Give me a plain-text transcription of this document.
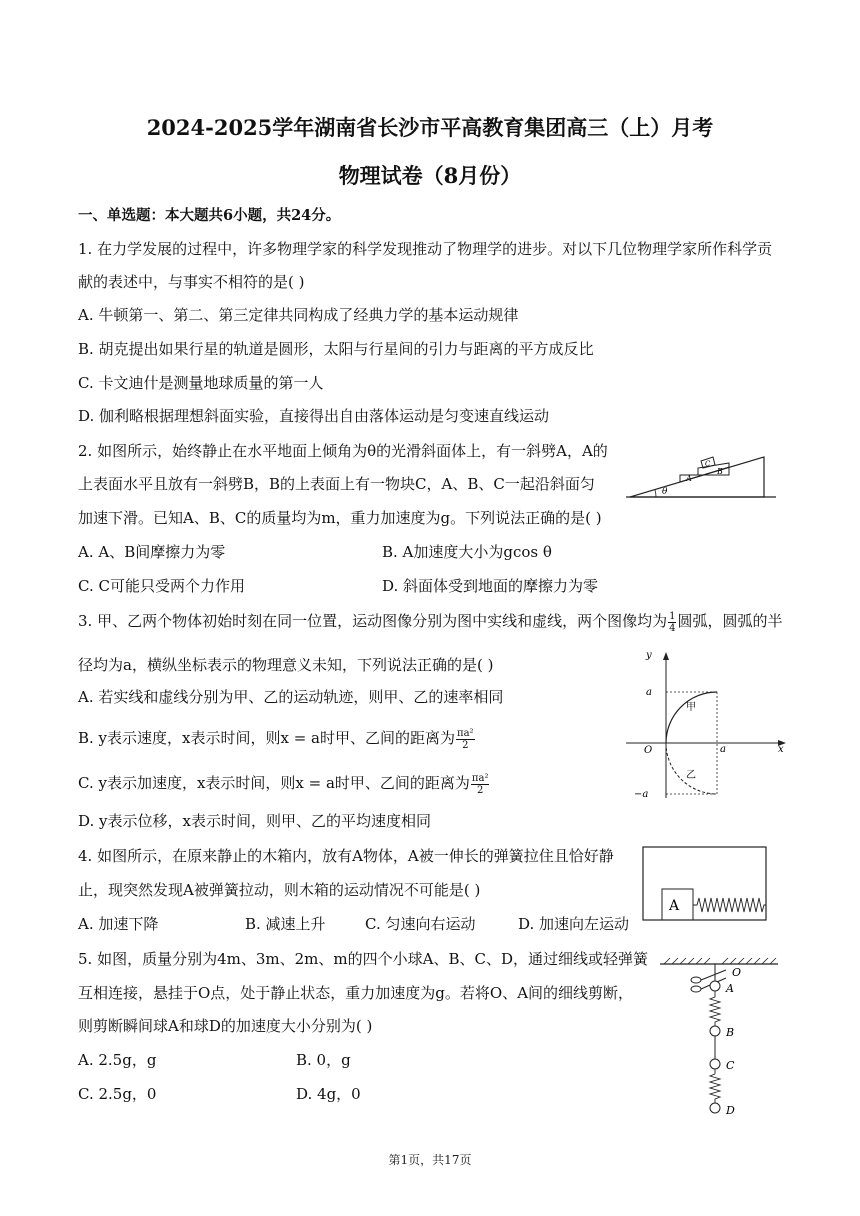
2024-2025学年湖南省长沙市平高教育集团高三（上）月考
物理试卷（8月份）
一、单选题：本大题共6小题，共24分。
1. 在力学发展的过程中，许多物理学家的科学发现推动了物理学的进步。对以下几位物理学家所作科学贡
献的表述中，与事实不相符的是( )
A. 牛顿第一、第二、第三定律共同构成了经典力学的基本运动规律
B. 胡克提出如果行星的轨道是圆形，太阳与行星间的引力与距离的平方成反比
C. 卡文迪什是测量地球质量的第一人
D. 伽利略根据理想斜面实验，直接得出自由落体运动是匀变速直线运动
2. 如图所示，始终静止在水平地面上倾角为θ的光滑斜面体上，有一斜劈A，A的
上表面水平且放有一斜劈B，B的上表面上有一物块C，A、B、C一起沿斜面匀
加速下滑。已知A、B、C的质量均为m，重力加速度为g。下列说法正确的是( )
A. A、B间摩擦力为零	B. A加速度大小为gcos θ
C. C可能只受两个力作用	D. 斜面体受到地面的摩擦力为零
θ
A
B
C
3. 甲、乙两个物体初始时刻在同一位置，运动图像分别为图中实线和虚线，两个图像均为 $\frac{1}{4}$ 圆弧，圆弧的半
径均为a，横纵坐标表示的物理意义未知，下列说法正确的是( )
A. 若实线和虚线分别为甲、乙的运动轨迹，则甲、乙的速率相同
B. y表示速度，x表示时间，则x = a时甲、乙间的距离为 $\frac{\text{πa²}}{2}$
C. y表示加速度，x表示时间，则x = a时甲、乙间的距离为 $\frac{\text{πa²}}{2}$
D. y表示位移，x表示时间，则甲、乙的平均速度相同
y
x
a
O	a
−a
甲
乙
4. 如图所示，在原来静止的木箱内，放有A物体，A被一伸长的弹簧拉住且恰好静
止，现突然发现A被弹簧拉动，则木箱的运动情况不可能是( )
A. 加速下降	B. 减速上升	C. 匀速向右运动	D. 加速向左运动
A
5. 如图，质量分别为4m、3m、2m、m的四个小球A、B、C、D，通过细线或轻弹簧
互相连接，悬挂于O点，处于静止状态，重力加速度为g。若将O、A间的细线剪断，
则剪断瞬间球A和球D的加速度大小分别为( )
A. 2.5g，g	B. 0，g
C. 2.5g，0	D. 4g，0
O
A
B
C
D
第1页，共17页
